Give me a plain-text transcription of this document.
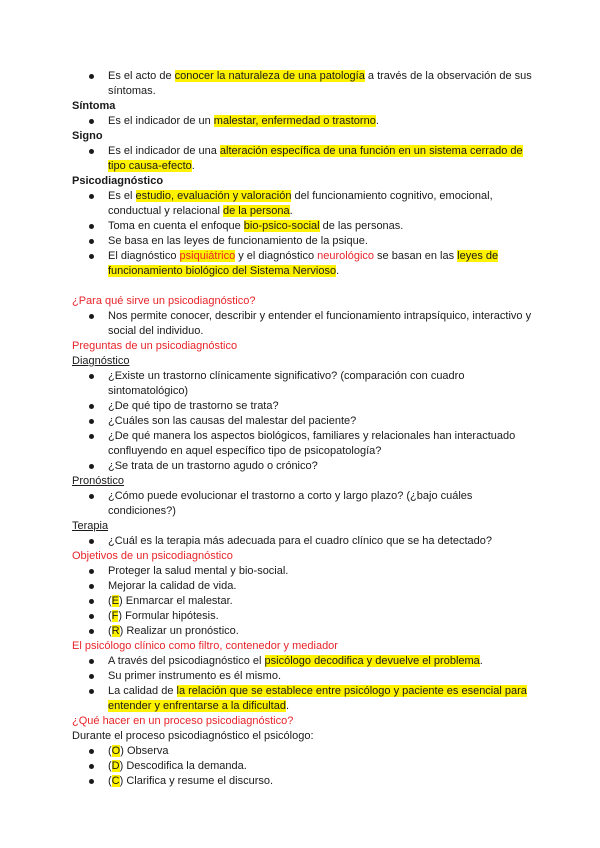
Es el acto de conocer la naturaleza de una patología a través de la observación de sus síntomas.
Síntoma
Es el indicador de un malestar, enfermedad o trastorno.
Signo
Es el indicador de una alteración específica de una función en un sistema cerrado de tipo causa-efecto.
Psicodiagnóstico
Es el estudio, evaluación y valoración del funcionamiento cognitivo, emocional, conductual y relacional de la persona.
Toma en cuenta el enfoque bio-psico-social de las personas.
Se basa en las leyes de funcionamiento de la psique.
El diagnóstico psiquiátrico y el diagnóstico neurológico se basan en las leyes de funcionamiento biológico del Sistema Nervioso.
¿Para qué sirve un psicodiagnóstico?
Nos permite conocer, describir y entender el funcionamiento intrapsíquico, interactivo y social del individuo.
Preguntas de un psicodiagnóstico
Diagnóstico
¿Existe un trastorno clínicamente significativo? (comparación con cuadro sintomatológico)
¿De qué tipo de trastorno se trata?
¿Cuáles son las causas del malestar del paciente?
¿De qué manera los aspectos biológicos, familiares y relacionales han interactuado confluyendo en aquel específico tipo de psicopatología?
¿Se trata de un trastorno agudo o crónico?
Pronóstico
¿Cómo puede evolucionar el trastorno a corto y largo plazo? (¿bajo cuáles condiciones?)
Terapia
¿Cuál es la terapia más adecuada para el cuadro clínico que se ha detectado?
Objetivos de un psicodiagnóstico
Proteger la salud mental y bio-social.
Mejorar la calidad de vida.
(E) Enmarcar el malestar.
(F) Formular hipótesis.
(R) Realizar un pronóstico.
El psicólogo clínico como filtro, contenedor y mediador
A través del psicodiagnóstico el psicólogo decodifica y devuelve el problema.
Su primer instrumento es él mismo.
La calidad de la relación que se establece entre psicólogo y paciente es esencial para entender y enfrentarse a la dificultad.
¿Qué hacer en un proceso psicodiagnóstico?
Durante el proceso psicodiagnóstico el psicólogo:
(O) Observa
(D) Descodifica la demanda.
(C) Clarifica y resume el discurso.
